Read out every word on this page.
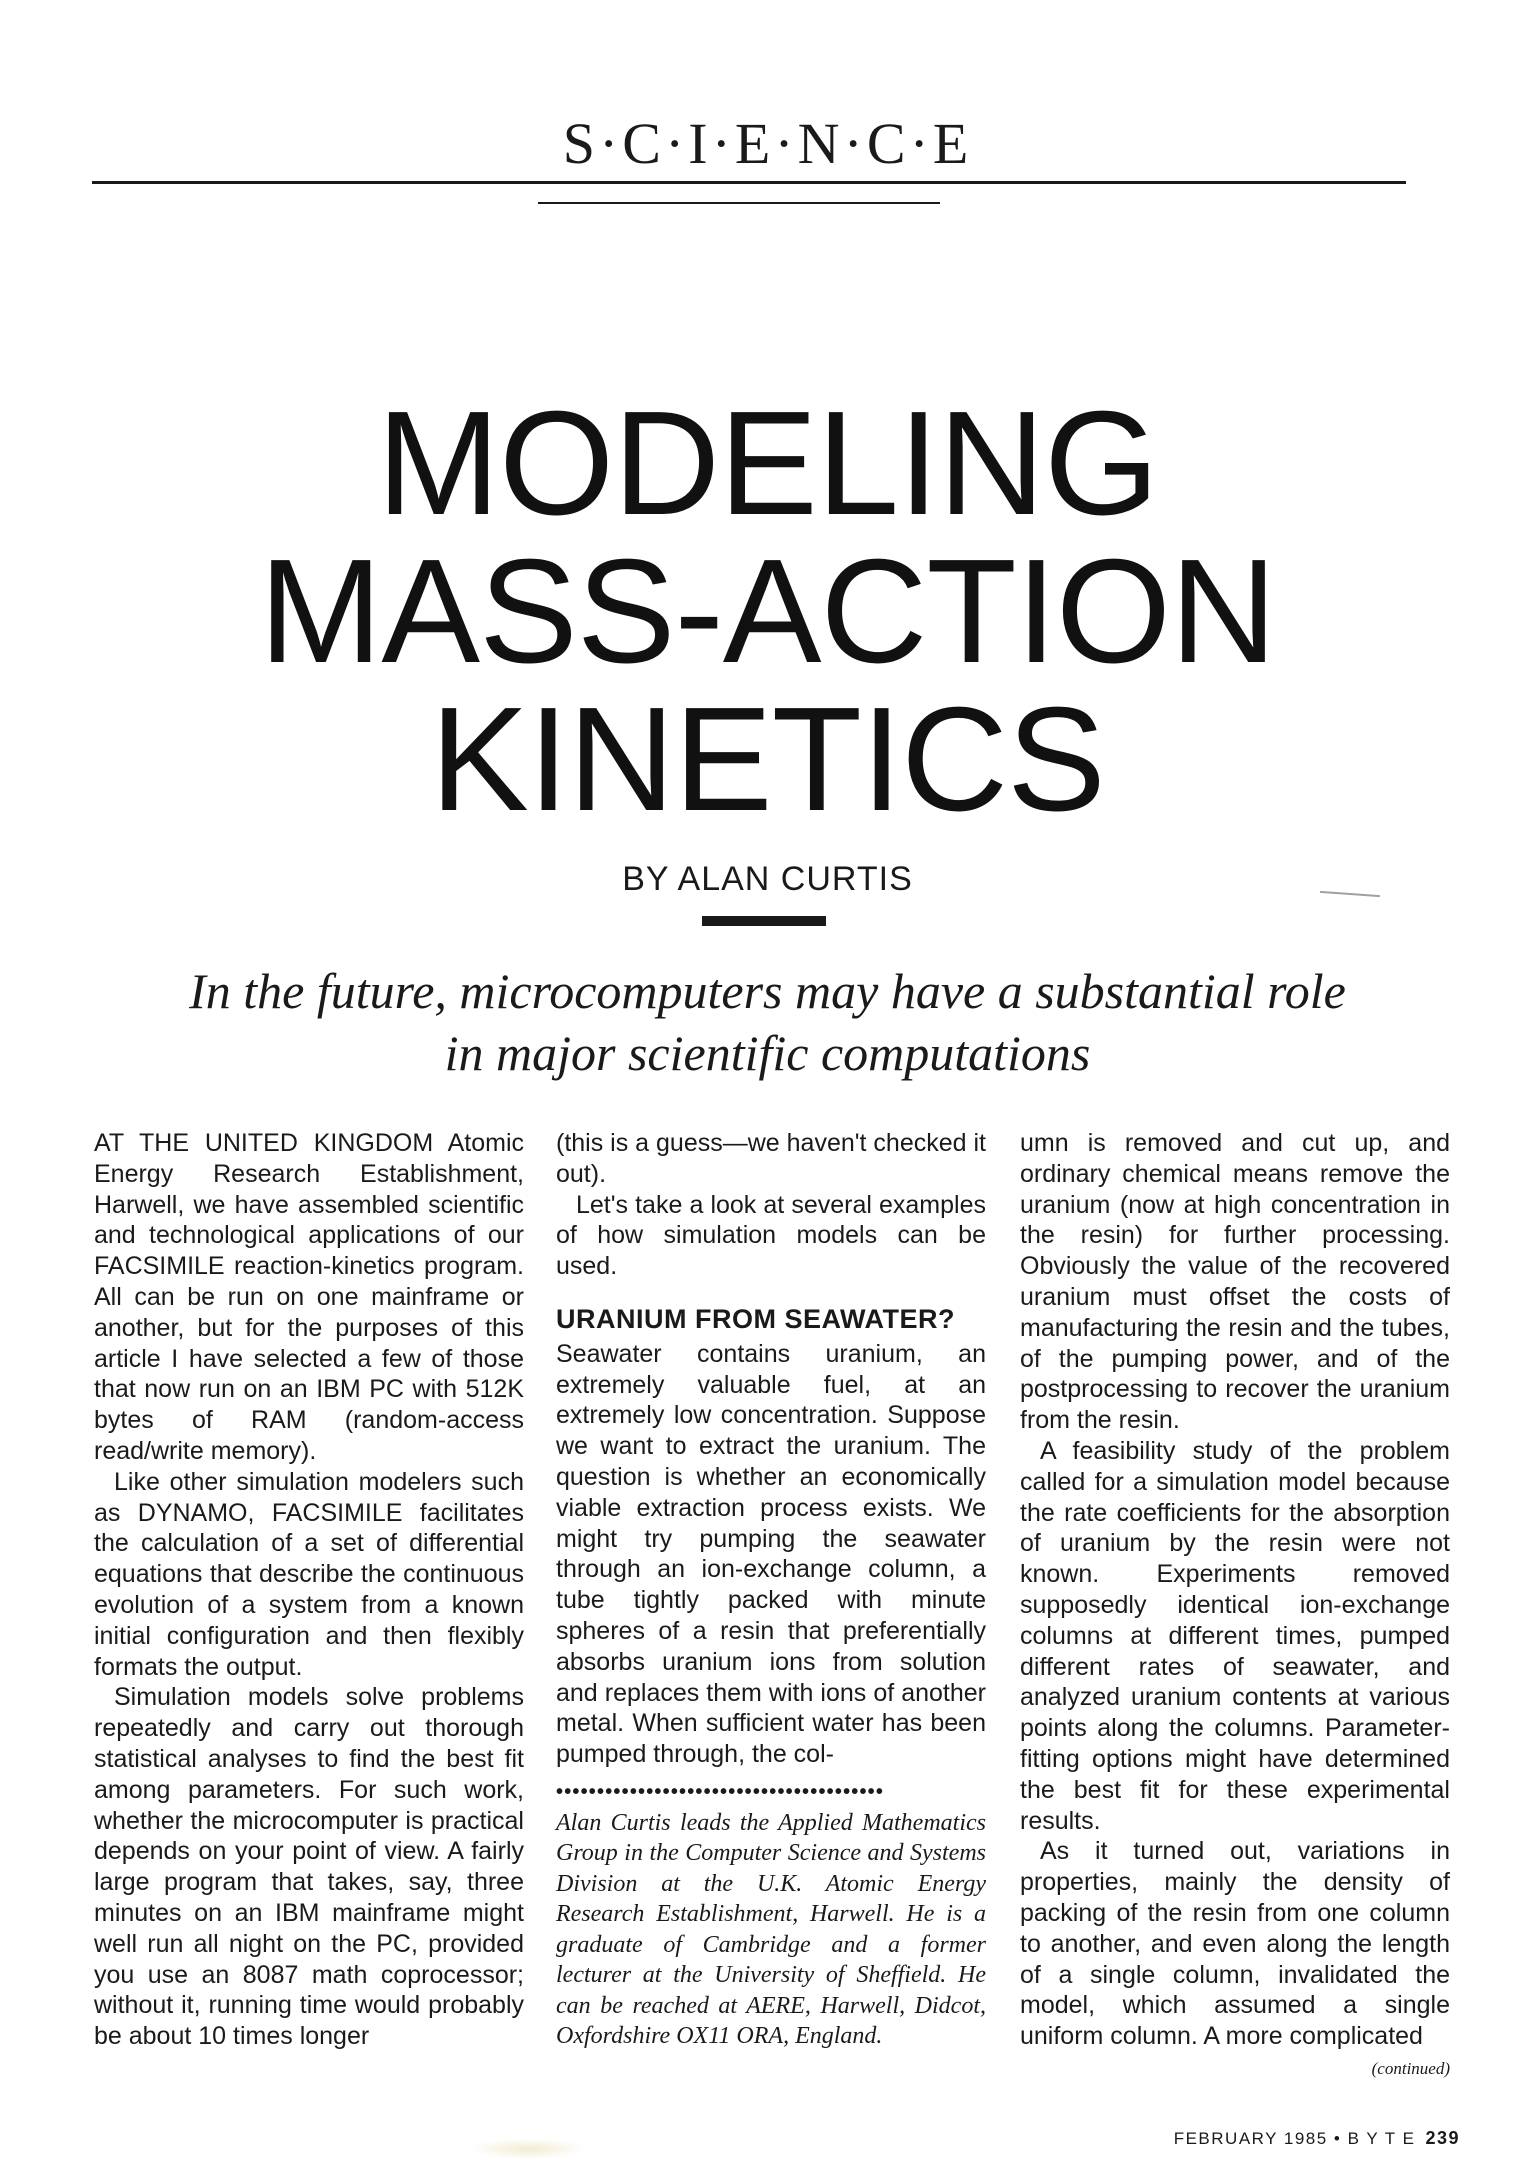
S·C·I·E·N·C·E
MODELING
MASS-ACTION
KINETICS
BY ALAN CURTIS
In the future, microcomputers may have a substantial role
in major scientific computations

AT THE UNITED KINGDOM Atomic Energy Research Establishment, Harwell, we have assembled scientific and technological applications of our FACSIMILE reaction-kinetics program. All can be run on one mainframe or another, but for the purposes of this article I have selected a few of those that now run on an IBM PC with 512K bytes of RAM (random-access read/write memory).

Like other simulation modelers such as DYNAMO, FACSIMILE facilitates the calculation of a set of differential equations that describe the continuous evolution of a system from a known initial configuration and then flexibly formats the output.

Simulation models solve problems repeatedly and carry out thorough statistical analyses to find the best fit among parameters. For such work, whether the microcomputer is practical depends on your point of view. A fairly large program that takes, say, three minutes on an IBM mainframe might well run all night on the PC, provided you use an 8087 math coprocessor; without it, running time would probably be about 10 times longer

(this is a guess—we haven't checked it out).

Let's take a look at several examples of how simulation models can be used.

URANIUM FROM SEAWATER?

Seawater contains uranium, an extremely valuable fuel, at an extremely low concentration. Suppose we want to extract the uranium. The question is whether an economically viable extraction process exists. We might try pumping the seawater through an ion-exchange column, a tube tightly packed with minute spheres of a resin that preferentially absorbs uranium ions from solution and replaces them with ions of another metal. When sufficient water has been pumped through, the col-

••••••••••••••••••••••••••••••••••••••••
Alan Curtis leads the Applied Mathematics Group in the Computer Science and Systems Division at the U.K. Atomic Energy Research Establishment, Harwell. He is a graduate of Cambridge and a former lecturer at the University of Sheffield. He can be reached at AERE, Harwell, Didcot, Oxfordshire OX11 ORA, England.

umn is removed and cut up, and ordinary chemical means remove the uranium (now at high concentration in the resin) for further processing. Obviously the value of the recovered uranium must offset the costs of manufacturing the resin and the tubes, of the pumping power, and of the postprocessing to recover the uranium from the resin.

A feasibility study of the problem called for a simulation model because the rate coefficients for the absorption of uranium by the resin were not known. Experiments removed supposedly identical ion-exchange columns at different times, pumped different rates of seawater, and analyzed uranium contents at various points along the columns. Parameter-fitting options might have determined the best fit for these experimental results.

As it turned out, variations in properties, mainly the density of packing of the resin from one column to another, and even along the length of a single column, invalidated the model, which assumed a single uniform column. A more complicated

(continued)
FEBRUARY 1985 • B Y T E 239
